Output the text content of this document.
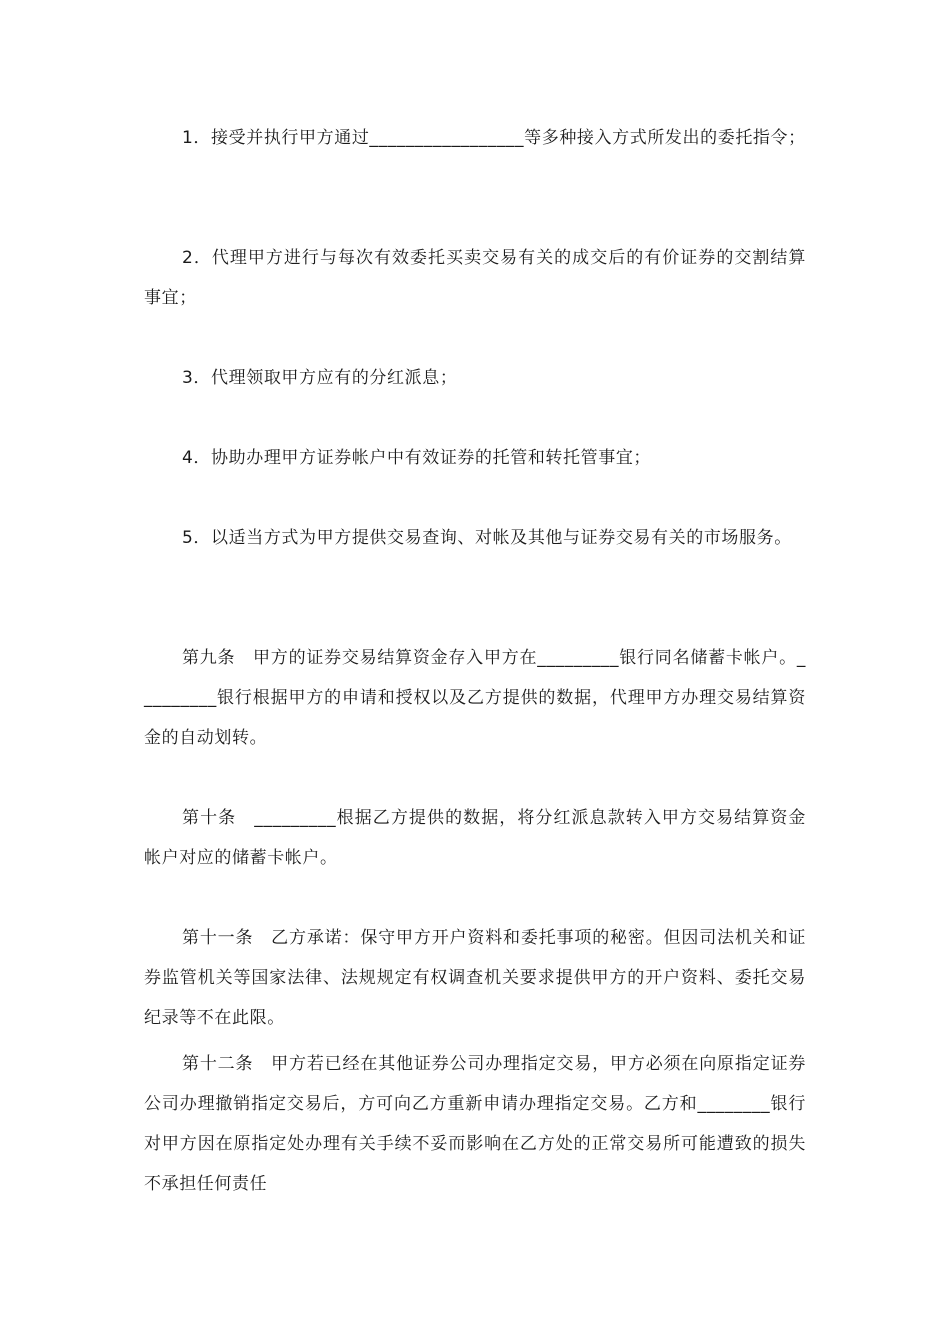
1．接受并执行甲方通过_________________等多种接入方式所发出的委托指令；

2．代理甲方进行与每次有效委托买卖交易有关的成交后的有价证券的交割结算事宜；

3．代理领取甲方应有的分红派息；

4．协助办理甲方证券帐户中有效证券的托管和转托管事宜；

5．以适当方式为甲方提供交易查询、对帐及其他与证券交易有关的市场服务。

第九条　甲方的证券交易结算资金存入甲方在_________银行同名储蓄卡帐户。_________银行根据甲方的申请和授权以及乙方提供的数据，代理甲方办理交易结算资金的自动划转。

第十条　_________根据乙方提供的数据，将分红派息款转入甲方交易结算资金帐户对应的储蓄卡帐户。

第十一条　乙方承诺：保守甲方开户资料和委托事项的秘密。但因司法机关和证券监管机关等国家法律、法规规定有权调查机关要求提供甲方的开户资料、委托交易纪录等不在此限。

第十二条　甲方若已经在其他证券公司办理指定交易，甲方必须在向原指定证券公司办理撤销指定交易后，方可向乙方重新申请办理指定交易。乙方和________银行对甲方因在原指定处办理有关手续不妥而影响在乙方处的正常交易所可能遭致的损失不承担任何责任
